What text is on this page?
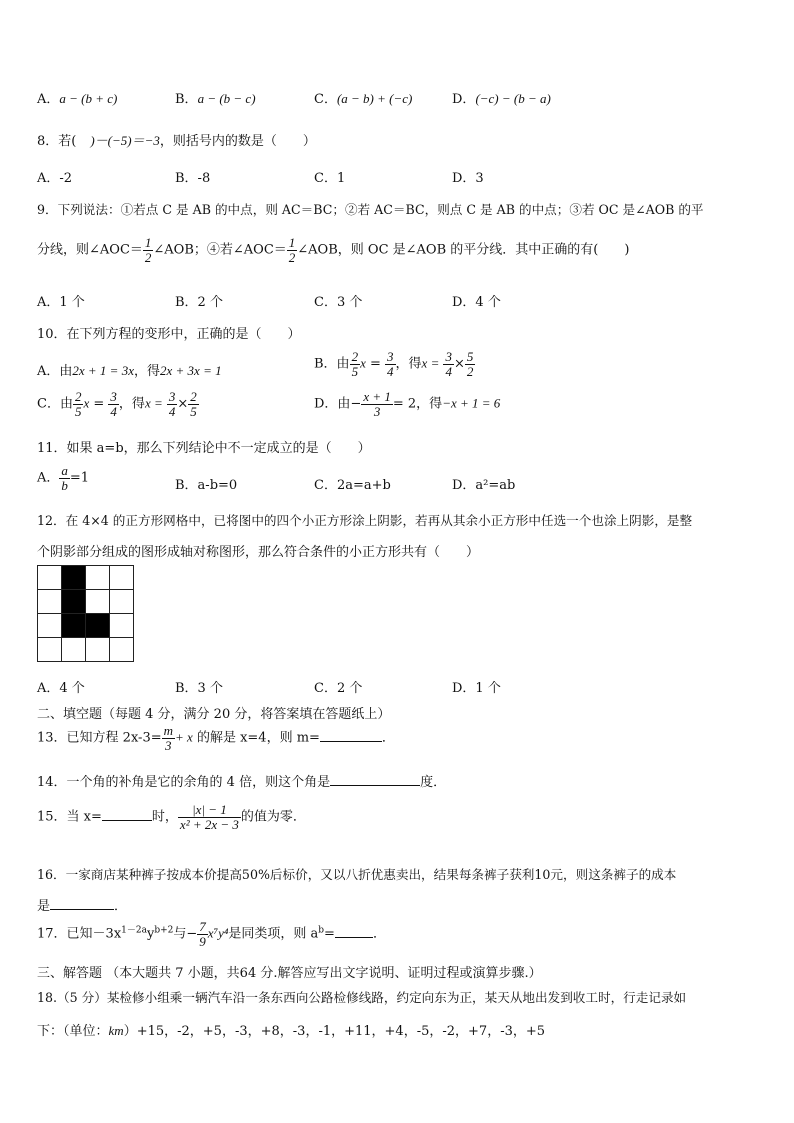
A．a − (b + c)	B．a − (b − c)	C．(a − b) + (−c)	D．(−c) − (b − a)
8．若( )－(−5)＝−3，则括号内的数是（　　）
A．-2	B．-8	C．1	D．3
9．下列说法：①若点 C 是 AB 的中点，则 AC＝BC；②若 AC＝BC，则点 C 是 AB 的中点；③若 OC 是∠AOB 的平
分线，则∠AOC＝ $\frac{1}{2}$ ∠AOB；④若∠AOC＝ $\frac{1}{2}$ ∠AOB，则 OC 是∠AOB 的平分线．其中正确的有(　　)
A．1 个	B．2 个	C．3 个	D．4 个
10．在下列方程的变形中，正确的是（　　）
A．由2x + 1 = 3x，得2x + 3x = 1	B．由 $\frac{2}{5}$ $x = \frac{3}{4}$ ，得$x = \frac{3}{4} \times \frac{5}{2}$
C．由 $\frac{2}{5}$ $x = \frac{3}{4}$ ，得$x = \frac{3}{4} \times \frac{2}{5}$	D．由− $\frac{x + 1}{3} = 2$，得−x + 1 = 6
11．如果 a=b，那么下列结论中不一定成立的是（　　）
A． $\frac{a}{b} =1$	B．a-b=0	C．2a=a+b	D．a²=ab
12．在 4×4 的正方形网格中，已将图中的四个小正方形涂上阴影，若再从其余小正方形中任选一个也涂上阴影，是整
个阴影部分组成的图形成轴对称图形，那么符合条件的小正方形共有（　　）

A．4 个	B．3 个	C．2 个	D．1 个
二、填空题（每题 4 分，满分 20 分，将答案填在答题纸上）
13．已知方程 $2x-3= \frac{m}{3} + x$ 的解是 x=4，则 m=	．
14．一个角的补角是它的余角的 4 倍，则这个角是	度．
15．当 x=	时， $\frac{|x| - 1}{\text{x² + 2x − 3}}$ 的值为零．
16．一家商店某种裤子按成本价提高50%后标价，又以八折优惠卖出，结果每条裤子获利10元，则这条裤子的成本
是	．
17．已知$-3x^{1-2a}y^{b+2}$与− $\frac{7}{9} x^7y^4$是同类项，则 $a^b=$	．
三、解答题 （本大题共 7 小题，共64 分.解答应写出文字说明、证明过程或演算步骤.）
18.（5 分）某检修小组乘一辆汽车沿一条东西向公路检修线路，约定向东为正，某天从地出发到收工时，行走记录如
下：（单位：km）+15，-2，+5，-3，+8，-3，-1，+11，+4，-5，-2，+7，-3，+5
